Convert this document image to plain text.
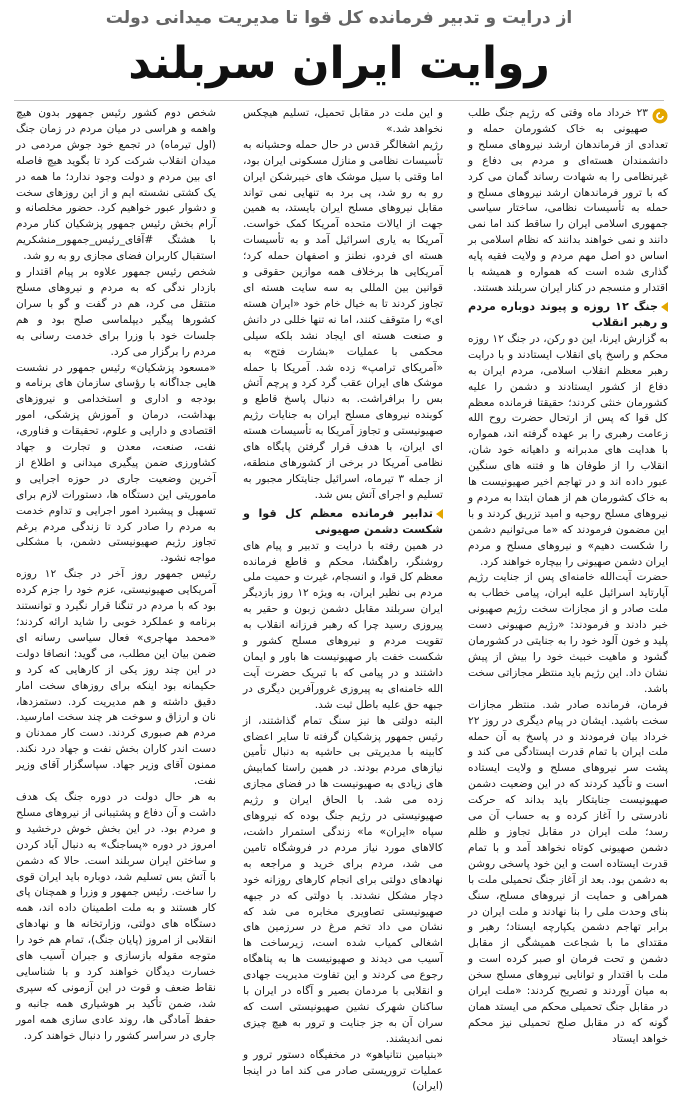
از درایت و تدبیر فرمانده کل قوا تا مدیریت میدانی دولت
روایت ایران سربلند

۲۳ خرداد ماه وقتی که رژیم جنگ طلب صهیونی به خاک کشورمان حمله و تعدادی از فرماندهان ارشد نیروهای مسلح و دانشمندان هسته‌ای و مردم بی دفاع و غیرنظامی را به شهادت رساند گمان می کرد که با ترور فرماندهان ارشد نیروهای مسلح و حمله به تأسیسات نظامی، ساختار سیاسی جمهوری اسلامی ایران را ساقط کند اما نمی دانند و نمی خواهند بدانند که نظام اسلامی بر اساس دو اصل مهم مردم و ولایت فقیه پایه گذاری شده است که همواره و همیشه با اقتدار و منسجم در کنار ایران سربلند هستند.

جنگ ۱۲ روزه و پیوند دوباره مردم و رهبر انقلاب

به گزارش ایرنا، این دو رکن، در جنگ ۱۲ روزه محکم و راسخ پای انقلاب ایستادند و با درایت رهبر معظم انقلاب اسلامی، مردم ایران به دفاع از کشور ایستادند و دشمن را علیه کشورمان خنثی کردند؛ حقیقتا فرمانده معظم کل قوا که پس از ارتحال حضرت روح الله زعامت رهبری را بر عهده گرفته اند، همواره با هدایت های مدبرانه و داهیانه خود شان، انقلاب را از طوفان ها و فتنه های سنگین عبور داده اند و در تهاجم اخیر صهیونیست ها به خاک کشورمان هم از همان ابتدا به مردم و نیروهای مسلح روحیه و امید تزریق کردند و با این مضمون فرمودند که «ما می‌توانیم دشمن را شکست دهیم» و نیروهای مسلح و مردم ایران دشمن صهیونی را بیچاره خواهند کرد.

حضرت آیت‌الله خامنه‌ای پس از جنایت رژیم آپارتاید اسرائیل علیه ایران، پیامی خطاب به ملت صادر و از مجازات سخت رژیم صهیونی خبر دادند و فرمودند: «رژیم صهیونی دست پلید و خون آلود خود را به جنایتی در کشورمان گشود و ماهیت خبیث خود را بیش از پیش نشان داد. این رژیم باید منتظر مجازاتی سخت باشد.

فرمان، فرمانده صادر شد. منتظر مجازات سخت باشید. ایشان در پیام دیگری در روز ۲۲ خرداد بیان فرمودند و در پاسخ به آن حمله ملت ایران با تمام قدرت ایستادگی می کند و پشت سر نیروهای مسلح و ولایت ایستاده است و تأکید کردند که در این وضعیت دشمن صهیونیست جنایتکار باید بداند که حرکت نادرستی را آغاز کرده و به حساب آن می رسد؛ ملت ایران در مقابل تجاوز و ظلم دشمن صهیونی کوتاه نخواهد آمد و با تمام قدرت ایستاده است و این خود پاسخی روشن به دشمن بود. بعد از آغاز جنگ تحمیلی ملت با همراهی و حمایت از نیروهای مسلح، سنگ بنای وحدت ملی را بنا نهادند و ملت ایران در برابر تهاجم دشمن یکپارچه ایستاد؛ رهبر و مقتدای ما با شجاعت همیشگی از مقابل دشمن و تحت فرمان او صبر کرده است و ملت با اقتدار و توانایی نیروهای مسلح سخن به میان آوردند و تصریح کردند: «ملت ایران در مقابل جنگ تحمیلی محکم می ایستد همان گونه که در مقابل صلح تحمیلی نیز محکم خواهد ایستاد

و این ملت در مقابل تحمیل، تسلیم هیچکس نخواهد شد.»

رژیم اشغالگر قدس در حال حمله وحشیانه به تأسیسات نظامی و منازل مسکونی ایران بود، اما وقتی با سیل موشک های خیبرشکن ایران رو به رو شد، پی برد به تنهایی نمی تواند مقابل نیروهای مسلح ایران بایستد، به همین جهت از ایالات متحده آمریکا کمک خواست. آمریکا به یاری اسرائیل آمد و به تأسیسات هسته ای فردو، نطنز و اصفهان حمله کرد؛ آمریکایی ها برخلاف همه موازین حقوقی و قوانین بین المللی به سه سایت هسته ای تجاوز کردند تا به خیال خام خود «ایران هسته ای» را متوقف کنند، اما نه تنها خللی در دانش و صنعت هسته ای ایجاد نشد بلکه سیلی محکمی با عملیات «بشارت فتح» به «آمریکای ترامپ» زده شد. آمریکا با حمله موشک های ایران عقب گرد کرد و پرچم آتش بس را برافراشت. به دنبال پاسخ قاطع و کوبنده نیروهای مسلح ایران به جنایات رژیم صهیونیستی و تجاوز آمریکا به تأسیسات هسته ای ایران، با هدف قرار گرفتن پایگاه های نظامی آمریکا در برخی از کشورهای منطقه، از جمله ۳ تیرماه، اسرائیل جنایتکار مجبور به تسلیم و اجرای آتش بس شد.

تدابیر فرمانده معظم کل قوا و شکست دشمن صهیونی

در همین رفته با درایت و تدبیر و پیام های روشنگر، راهگشا، محکم و قاطع فرمانده معظم کل قوا، و انسجام، غیرت و حمیت ملی مردم بی نظیر ایران، به ویژه ۱۲ روز بازدیگر ایران سربلند مقابل دشمن زبون و حقیر به پیروزی رسید چرا که رهبر فرزانه انقلاب به تقویت مردم و نیروهای مسلح کشور و شکست خفت بار صهیونیست ها باور و ایمان داشتند و در پیامی که با تبریک حضرت آیت الله خامنه‌ای به پیروزی غرورآفرین دیگری در جبهه حق علیه باطل ثبت شد.

البته دولتی ها نیز سنگ تمام گذاشتند، از رئیس جمهور پزشکیان گرفته تا سایر اعضای کابینه با مدیریتی بی حاشیه به دنبال تأمین نیازهای مردم بودند. در همین راستا کمابیش های زیادی به صهیونیست ها در فضای مجازی زده می شد. با الحاق ایران و رژیم صهیونیستی در رژیم جنگ بوده که نیروهای سپاه «ایران» ما» زندگی استمرار داشت، کالاهای مورد نیاز مردم در فروشگاه تامین می شد، مردم برای خرید و مراجعه به نهادهای دولتی برای انجام کارهای روزانه خود دچار مشکل نشدند. با دولتی که در جبهه صهیونیستی تصاویری مخابره می شد که نشان می داد تخم مرغ در سرزمین های اشغالی کمیاب شده است، زیرساخت ها آسیب می دیدند و صهیونیست ها به پناهگاه رجوع می کردند و این تفاوت مدیریت جهادی و انقلابی با مردمان بصیر و آگاه در ایران با ساکنان شهرک نشین صهیونیستی است که سران آن به جز جنایت و ترور به هیچ چیزی نمی اندیشند.

«بنیامین نتانیاهو» در مخفیگاه دستور ترور و عملیات تروریستی صادر می کند اما در اینجا (ایران)

شخص دوم کشور رئیس جمهور بدون هیچ واهمه و هراسی در میان مردم در زمان جنگ (اول تیرماه) در تجمع خود جوش مردمی در میدان انقلاب شرکت کرد تا بگوید هیچ فاصله ای بین مردم و دولت وجود ندارد؛ ما همه در یک کشتی نشسته ایم و از این روزهای سخت و دشوار عبور خواهیم کرد. حضور مخلصانه و آرام بخش رئیس جمهور پزشکیان کنار مردم با هشتگ #آقای_رئیس_جمهور_منشکریم استقبال کاربران فضای مجازی رو به رو شد.

شخص رئیس جمهور علاوه بر پیام اقتدار و بازدار ندگی که به مردم و نیروهای مسلح منتقل می کرد، هم در گفت و گو با سران کشورها پیگیر دیپلماسی صلح بود و هم جلسات خود با وزرا برای خدمت رسانی به مردم را برگزار می کرد.

«مسعود پزشکیان» رئیس جمهور در نشست هایی جداگانه با رؤسای سازمان های برنامه و بودجه و اداری و استخدامی و نیروزهای بهداشت، درمان و آموزش پزشکی، امور اقتصادی و دارایی و علوم، تحقیقات و فناوری، نفت، صنعت، معدن و تجارت و جهاد کشاورزی ضمن پیگیری میدانی و اطلاع از آخرین وضعیت جاری در حوزه اجرایی و ماموریتی این دستگاه ها، دستورات لازم برای تسهیل و پیشبرد امور اجرایی و تداوم خدمت به مردم را صادر کرد تا زندگی مردم برغم تجاوز رژیم صهیونیستی دشمن، با مشکلی مواجه نشود.

رئیس جمهور روز آخر در جنگ ۱۲ روزه آمریکایی صهیونیستی، عزم خود را جزم کرده بود که با مردم در تنگنا قرار نگیرد و توانستند برنامه و عملکرد خوبی را شاید ارائه کردند؛ «محمد مهاجری» فعال سیاسی رسانه ای ضمن بیان این مطلب، می گوید: انصافا دولت در این چند روز یکی از کارهایی که کرد و حکیمانه بود اینکه برای روزهای سخت امار دقیق داشته و هم مدیریت کرد. دستمزدها، نان و ارزاق و سوخت هر چند سخت امارسید. مردم هم صبوری کردند. دست کار ممدنان و دست اندر کاران بخش نفت و جهاد درد نکند. ممنون آقای وزیر جهاد. سپاسگزار آقای وزیر نفت.

به هر حال دولت در دوره جنگ یک هدف داشت و آن دفاع و پشتیبانی از نیروهای مسلح و مردم بود. در این بخش خوش درخشید و امروز در دوره «پساجنگ» به دنبال آباد کردن و ساختن ایران سربلند است. حالا که دشمن با آتش بس تسلیم شد، دوباره باید ایران قوی را ساخت. رئیس جمهور و وزرا و همچنان پای کار هستند و به ملت اطمینان داده اند، همه دستگاه های دولتی، وزارتخانه ها و نهادهای انقلابی از امروز (پایان جنگ)، تمام هم خود را متوجه مقوله بازسازی و جبران آسیب های خسارت دیدگان خواهند کرد و با شناسایی نقاط ضعف و قوت در این آزمونی که سپری شد، ضمن تأکید بر هوشیاری همه جانبه و حفظ آمادگی ها، روند عادی سازی همه امور جاری در سراسر کشور را دنبال خواهند کرد.
